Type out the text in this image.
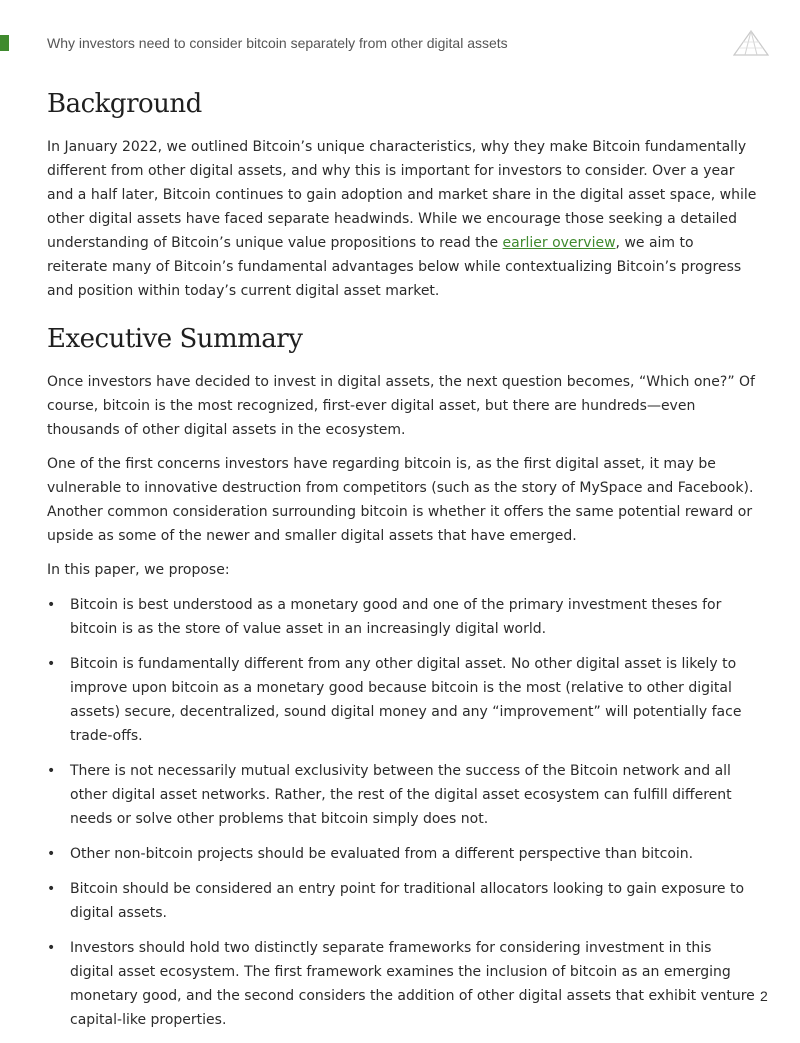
Why investors need to consider bitcoin separately from other digital assets
Background

In January 2022, we outlined Bitcoin’s unique characteristics, why they make Bitcoin fundamentally different from other digital assets, and why this is important for investors to consider. Over a year and a half later, Bitcoin continues to gain adoption and market share in the digital asset space, while other digital assets have faced separate headwinds. While we encourage those seeking a detailed understanding of Bitcoin’s unique value propositions to read the earlier overview, we aim to reiterate many of Bitcoin’s fundamental advantages below while contextualizing Bitcoin’s progress and position within today’s current digital asset market.

Executive Summary

Once investors have decided to invest in digital assets, the next question becomes, “Which one?” Of course, bitcoin is the most recognized, first-ever digital asset, but there are hundreds—even thousands of other digital assets in the ecosystem.

One of the first concerns investors have regarding bitcoin is, as the first digital asset, it may be vulnerable to innovative destruction from competitors (such as the story of MySpace and Facebook). Another common consideration surrounding bitcoin is whether it offers the same potential reward or upside as some of the newer and smaller digital assets that have emerged.

In this paper, we propose:

• Bitcoin is best understood as a monetary good and one of the primary investment theses for bitcoin is as the store of value asset in an increasingly digital world.
• Bitcoin is fundamentally different from any other digital asset. No other digital asset is likely to improve upon bitcoin as a monetary good because bitcoin is the most (relative to other digital assets) secure, decentralized, sound digital money and any “improvement” will potentially face trade-offs.
• There is not necessarily mutual exclusivity between the success of the Bitcoin network and all other digital asset networks. Rather, the rest of the digital asset ecosystem can fulfill different needs or solve other problems that bitcoin simply does not.
• Other non-bitcoin projects should be evaluated from a different perspective than bitcoin.
• Bitcoin should be considered an entry point for traditional allocators looking to gain exposure to digital assets.
• Investors should hold two distinctly separate frameworks for considering investment in this digital asset ecosystem. The first framework examines the inclusion of bitcoin as an emerging monetary good, and the second considers the addition of other digital assets that exhibit venture capital-like properties.
2
